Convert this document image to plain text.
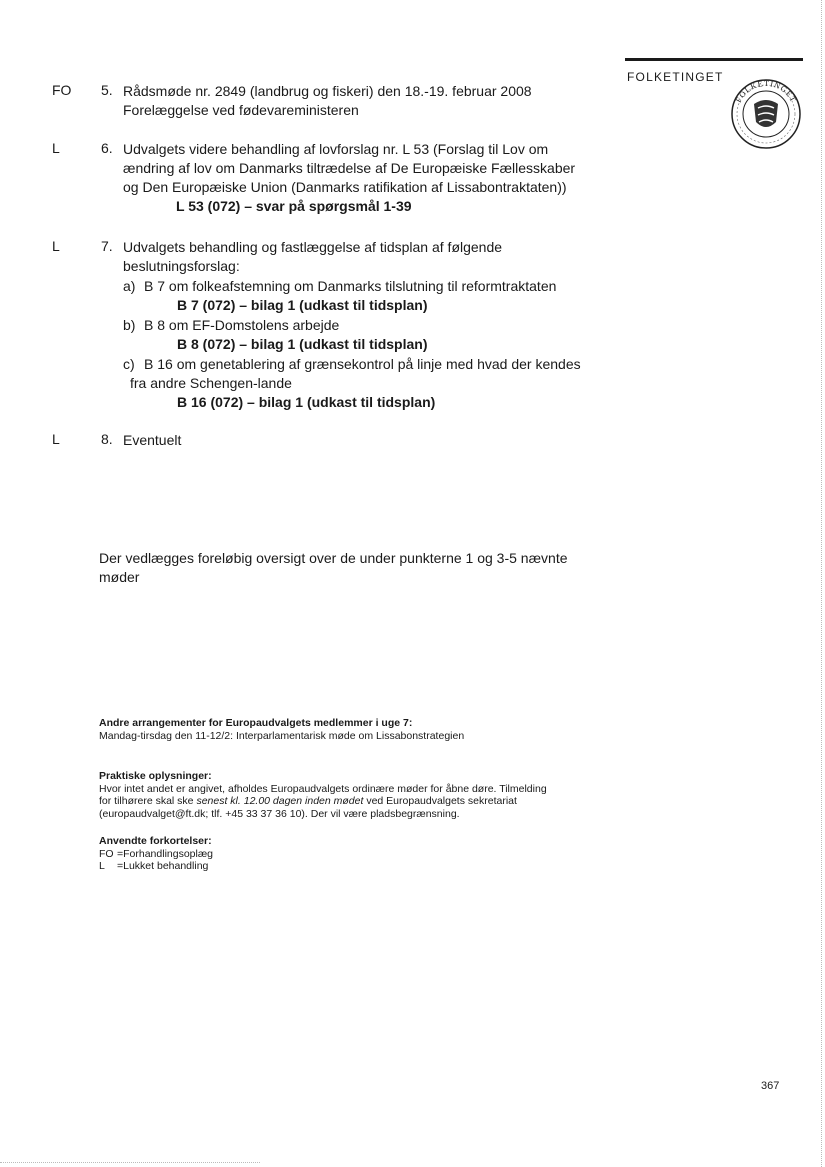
FOLKETINGET
FOLKETINGET
FO 5. Rådsmøde nr. 2849 (landbrug og fiskeri) den 18.-19. februar 2008
Forelæggelse ved fødevareministeren
L	6. Udvalgets videre behandling af lovforslag nr. L 53 (Forslag til Lov om
ændring af lov om Danmarks tiltrædelse af De Europæiske Fællesskaber
og Den Europæiske Union (Danmarks ratifikation af Lissabontraktaten))
L 53 (072) – svar på spørgsmål 1-39
L	7. Udvalgets behandling og fastlæggelse af tidsplan af følgende
beslutningsforslag:
a) B 7 om folkeafstemning om Danmarks tilslutning til reformtraktaten
B 7 (072) – bilag 1 (udkast til tidsplan)
b) B 8 om EF-Domstolens arbejde
B 8 (072) – bilag 1 (udkast til tidsplan)
c) B 16 om genetablering af grænsekontrol på linje med hvad der kendes
fra andre Schengen-lande
B 16 (072) – bilag 1 (udkast til tidsplan)
L	8. Eventuelt
Der vedlægges foreløbig oversigt over de under punkterne 1 og 3-5 nævnte
møder
Andre arrangementer for Europaudvalgets medlemmer i uge 7:
Mandag-tirsdag den 11-12/2: Interparlamentarisk møde om Lissabonstrategien
Praktiske oplysninger:
Hvor intet andet er angivet, afholdes Europaudvalgets ordinære møder for åbne døre. Tilmelding
for tilhørere skal ske senest kl. 12.00 dagen inden mødet ved Europaudvalgets sekretariat
(europaudvalget@ft.dk; tlf. +45 33 37 36 10). Der vil være pladsbegrænsning.
Anvendte forkortelser:
FO =Forhandlingsoplæg
L =Lukket behandling
367
